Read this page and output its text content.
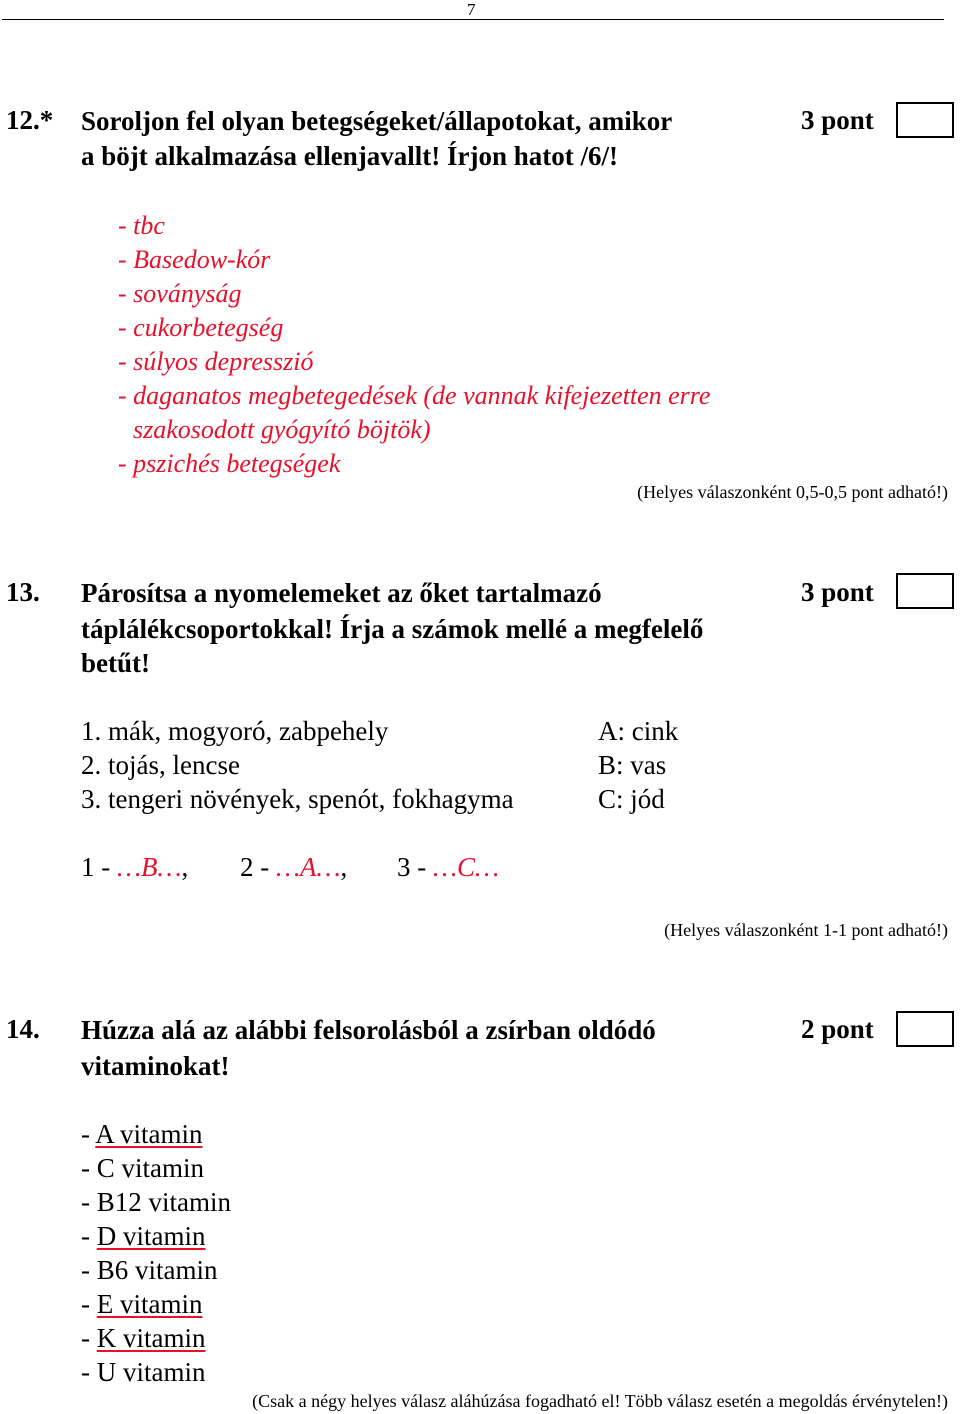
7
12.* Soroljon fel olyan betegségeket/állapotokat, amikor
a böjt alkalmazása ellenjavallt! Írjon hatot /6/!
3 pont
- tbc
- Basedow-kór
- soványság
- cukorbetegség
- súlyos depresszió
- daganatos megbetegedések (de vannak kifejezetten erre
szakosodott gyógyító böjtök)
- pszichés betegségek
(Helyes válaszonként 0,5-0,5 pont adható!)
13. Párosítsa a nyomelemeket az őket tartalmazó
táplálékcsoportokkal! Írja a számok mellé a megfelelő
betűt!
3 pont
1. mák, mogyoró, zabpehely
2. tojás, lencse
3. tengeri növények, spenót, fokhagyma
A: cink
B: vas
C: jód
1 - …B…, 2 - …A…, 3 - …C…
(Helyes válaszonként 1-1 pont adható!)
14. Húzza alá az alábbi felsorolásból a zsírban oldódó
vitaminokat!
2 pont
- A vitamin
- C vitamin
- B12 vitamin
- D vitamin
- B6 vitamin
- E vitamin
- K vitamin
- U vitamin
(Csak a négy helyes válasz aláhúzása fogadható el! Több válasz esetén a megoldás érvénytelen!)
